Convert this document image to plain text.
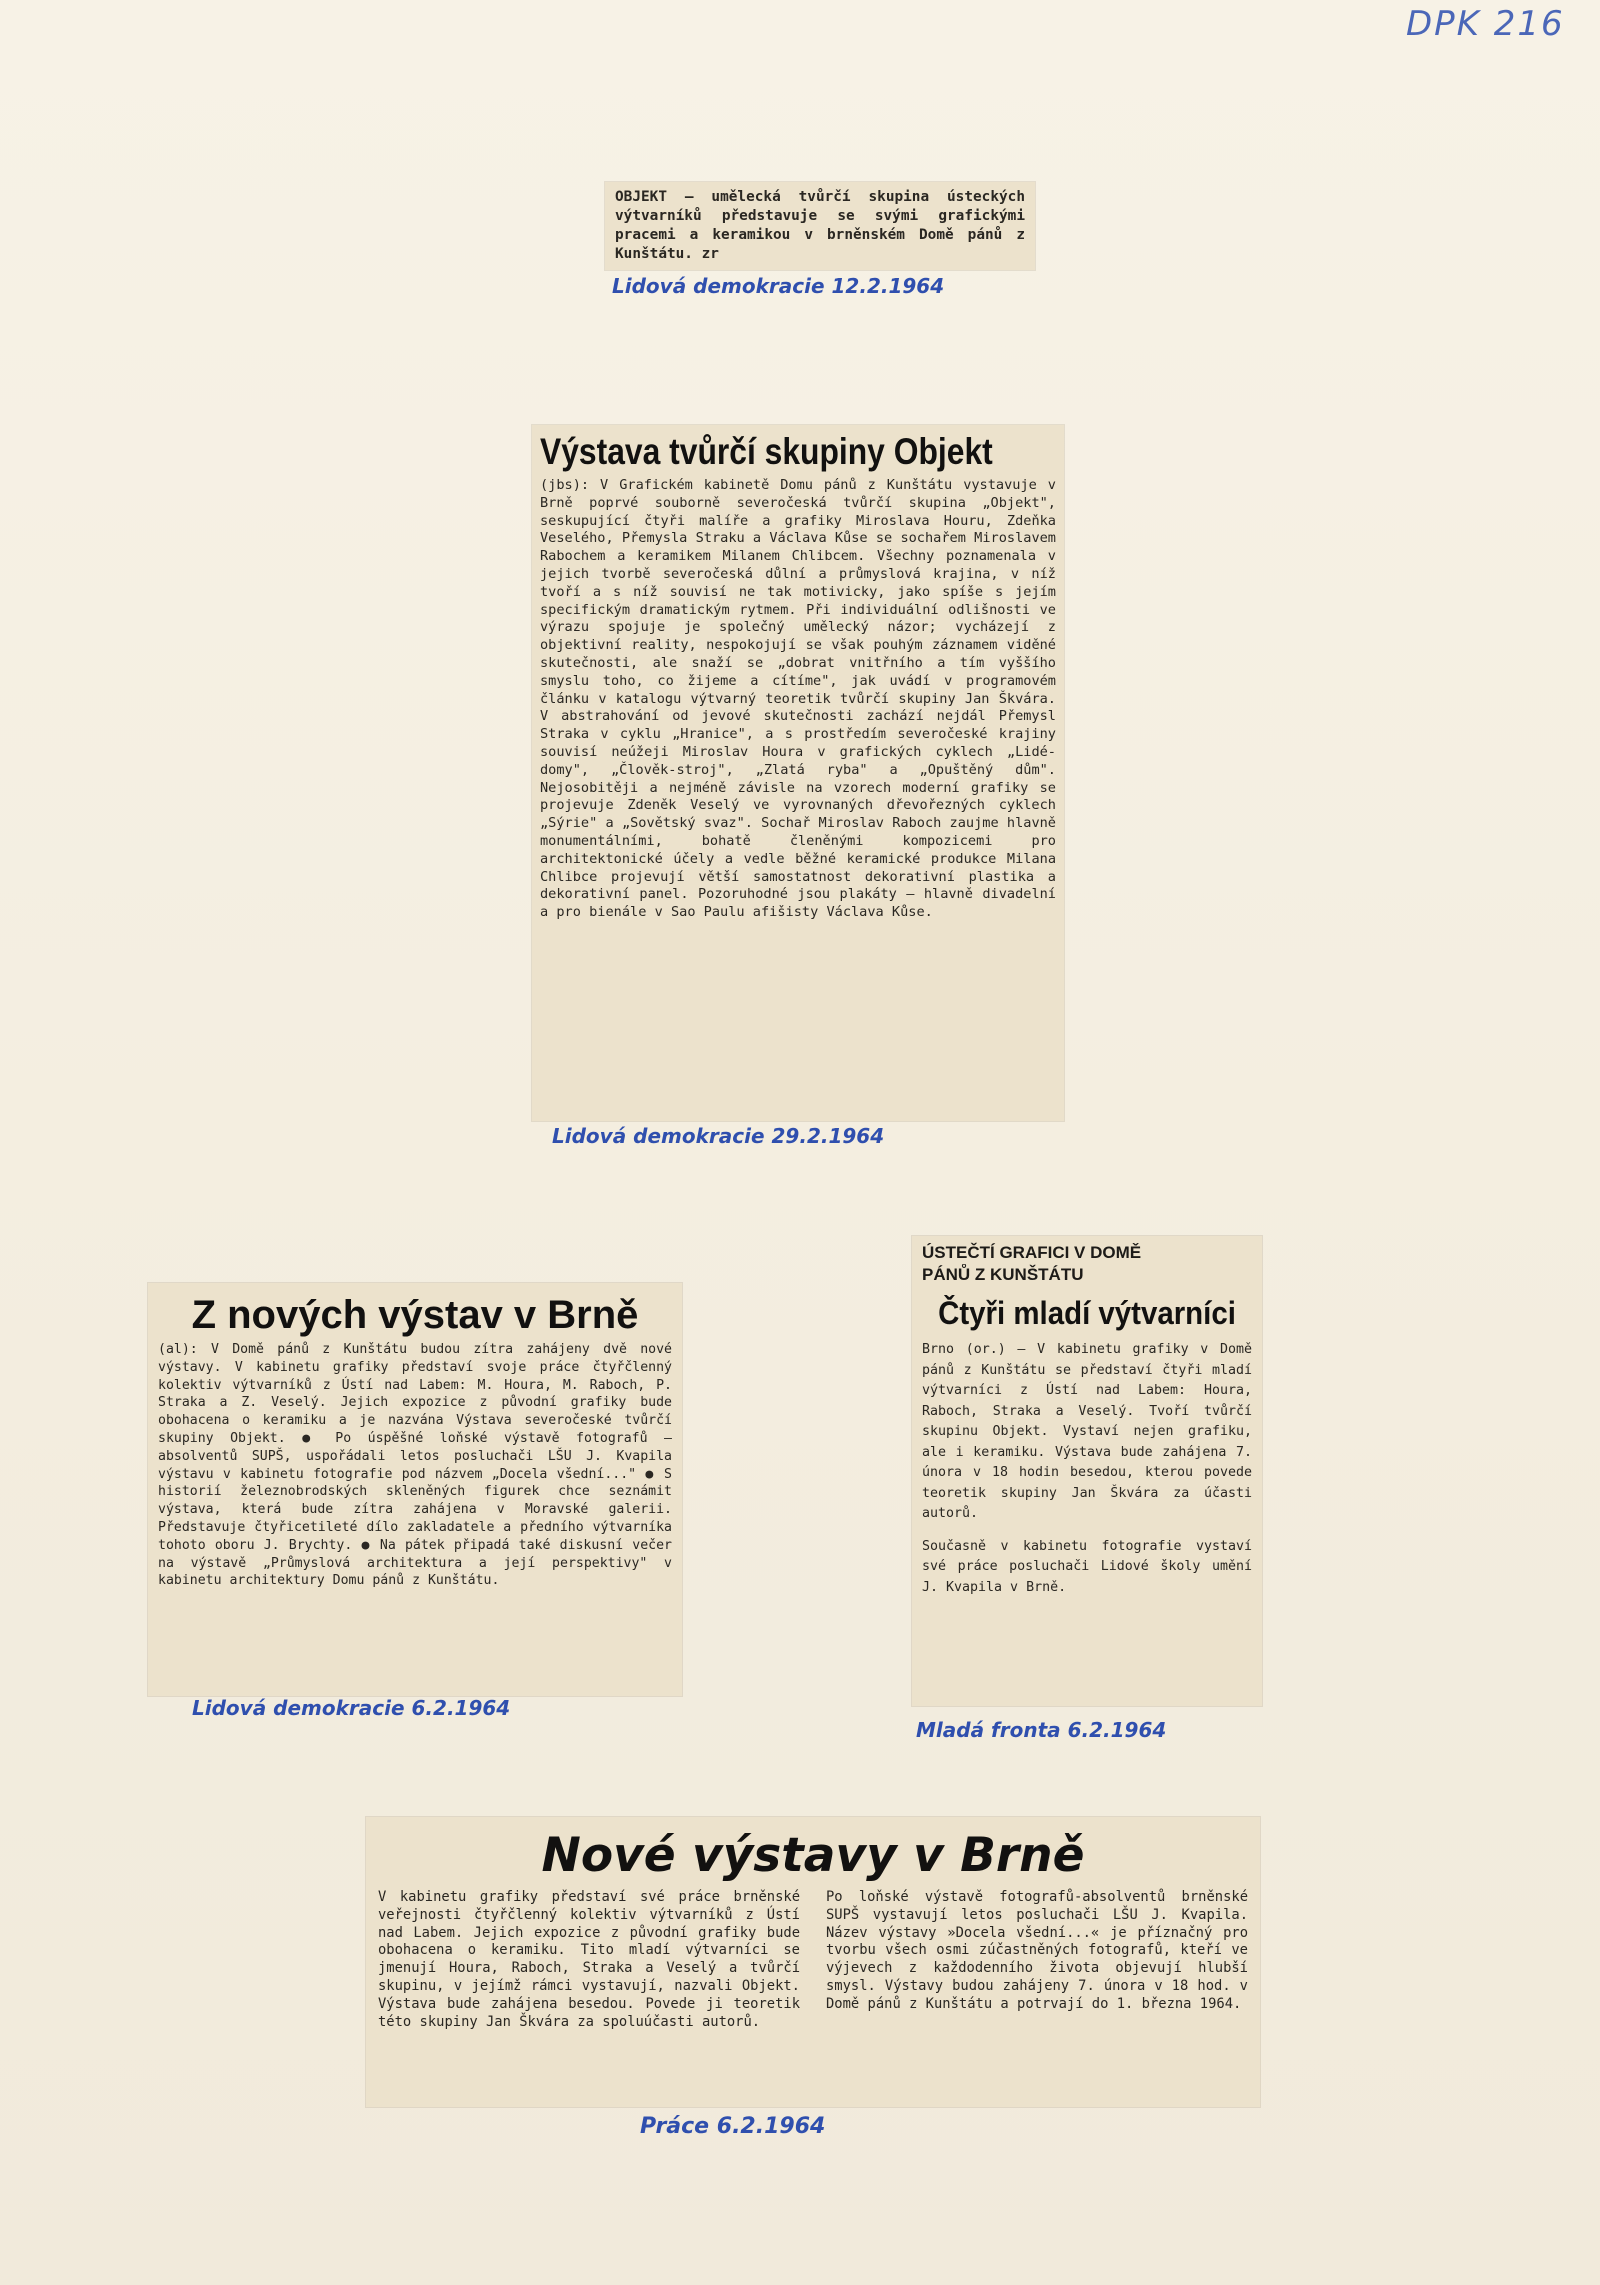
DPK 216
OBJEKT — umělecká tvůrčí skupina ústeckých výtvarníků představuje se svými grafickými pracemi a keramikou v brněnském Domě pánů z Kunštátu. zr
Lidová demokracie 12.2.1964
Výstava tvůrčí skupiny Objekt
(jbs): V Grafickém kabinetě Domu pánů z Kunštátu vystavuje v Brně poprvé souborně severočeská tvůrčí skupina „Objekt", seskupující čtyři malíře a grafiky Miroslava Houru, Zdeňka Veselého, Přemysla Straku a Václava Kůse se sochařem Miroslavem Rabochem a keramikem Milanem Chlibcem. Všechny poznamenala v jejich tvorbě severočeská důlní a průmyslová krajina, v níž tvoří a s níž souvisí ne tak motivicky, jako spíše s jejím specifickým dramatickým rytmem. Při individuální odlišnosti ve výrazu spojuje je společný umělecký názor; vycházejí z objektivní reality, nespokojují se však pouhým záznamem viděné skutečnosti, ale snaží se „dobrat vnitřního a tím vyššího smyslu toho, co žijeme a cítíme", jak uvádí v programovém článku v katalogu výtvarný teoretik tvůrčí skupiny Jan Škvára. V abstrahování od jevové skutečnosti zachází nejdál Přemysl Straka v cyklu „Hranice", a s prostředím severočeské krajiny souvisí neúžeji Miroslav Houra v grafických cyklech „Lidé-domy", „Člověk-stroj", „Zlatá ryba" a „Opuštěný dům". Nejosobitěji a nejméně závisle na vzorech moderní grafiky se projevuje Zdeněk Veselý ve vyrovnaných dřevořezných cyklech „Sýrie" a „Sovětský svaz". Sochař Miroslav Raboch zaujme hlavně monumentálními, bohatě členěnými kompozicemi pro architektonické účely a vedle běžné keramické produkce Milana Chlibce projevují větší samostatnost dekorativní plastika a dekorativní panel. Pozoruhodné jsou plakáty — hlavně divadelní a pro bienále v Sao Paulu afišisty Václava Kůse.
Lidová demokracie 29.2.1964
Z nových výstav v Brně
(al): V Domě pánů z Kunštátu budou zítra zahájeny dvě nové výstavy. V kabinetu grafiky představí svoje práce čtyřčlenný kolektiv výtvarníků z Ústí nad Labem: M. Houra, M. Raboch, P. Straka a Z. Veselý. Jejich expozice z původní grafiky bude obohacena o keramiku a je nazvána Výstava severočeské tvůrčí skupiny Objekt. ● Po úspěšné loňské výstavě fotografů — absolventů SUPŠ, uspořádali letos posluchači LŠU J. Kvapila výstavu v kabinetu fotografie pod názvem „Docela všední..." ● S historií železnobrodských skleněných figurek chce seznámit výstava, která bude zítra zahájena v Moravské galerii. Představuje čtyřicetileté dílo zakladatele a předního výtvarníka tohoto oboru J. Brychty. ● Na pátek připadá také diskusní večer na výstavě „Průmyslová architektura a její perspektivy" v kabinetu architektury Domu pánů z Kunštátu.
Lidová demokracie 6.2.1964
ÚSTEČTÍ GRAFICI V DOMĚ
PÁNŮ Z KUNŠTÁTU
Čtyři mladí výtvarníci
Brno (or.) — V kabinetu grafiky v Domě pánů z Kunštátu se představí čtyři mladí výtvarníci z Ústí nad Labem: Houra, Raboch, Straka a Veselý. Tvoří tvůrčí skupinu Objekt. Vystaví nejen grafiku, ale i keramiku. Výstava bude zahájena 7. února v 18 hodin besedou, kterou povede teoretik skupiny Jan Škvára za účasti autorů.
Současně v kabinetu fotografie vystaví své práce posluchači Lidové školy umění J. Kvapila v Brně.
Mladá fronta 6.2.1964
Nové výstavy v Brně
V kabinetu grafiky představí své práce brněnské veřejnosti čtyřčlenný kolektiv výtvarníků z Ústí nad Labem. Jejich expozice z původní grafiky bude obohacena o keramiku. Tito mladí výtvarníci se jmenují Houra, Raboch, Straka a Veselý a tvůrčí skupinu, v jejímž rámci vystavují, nazvali Objekt. Výstava bude zahájena besedou. Povede ji teoretik této skupiny Jan Škvára za spoluúčasti autorů.
Po loňské výstavě fotografů-absolventů brněnské SUPŠ vystavují letos posluchači LŠU J. Kvapila. Název výstavy »Docela všední...« je příznačný pro tvorbu všech osmi zúčastněných fotografů, kteří ve výjevech z každodenního života objevují hlubší smysl. Výstavy budou zahájeny 7. února v 18 hod. v Domě pánů z Kunštátu a potrvají do 1. března 1964.
Práce 6.2.1964
